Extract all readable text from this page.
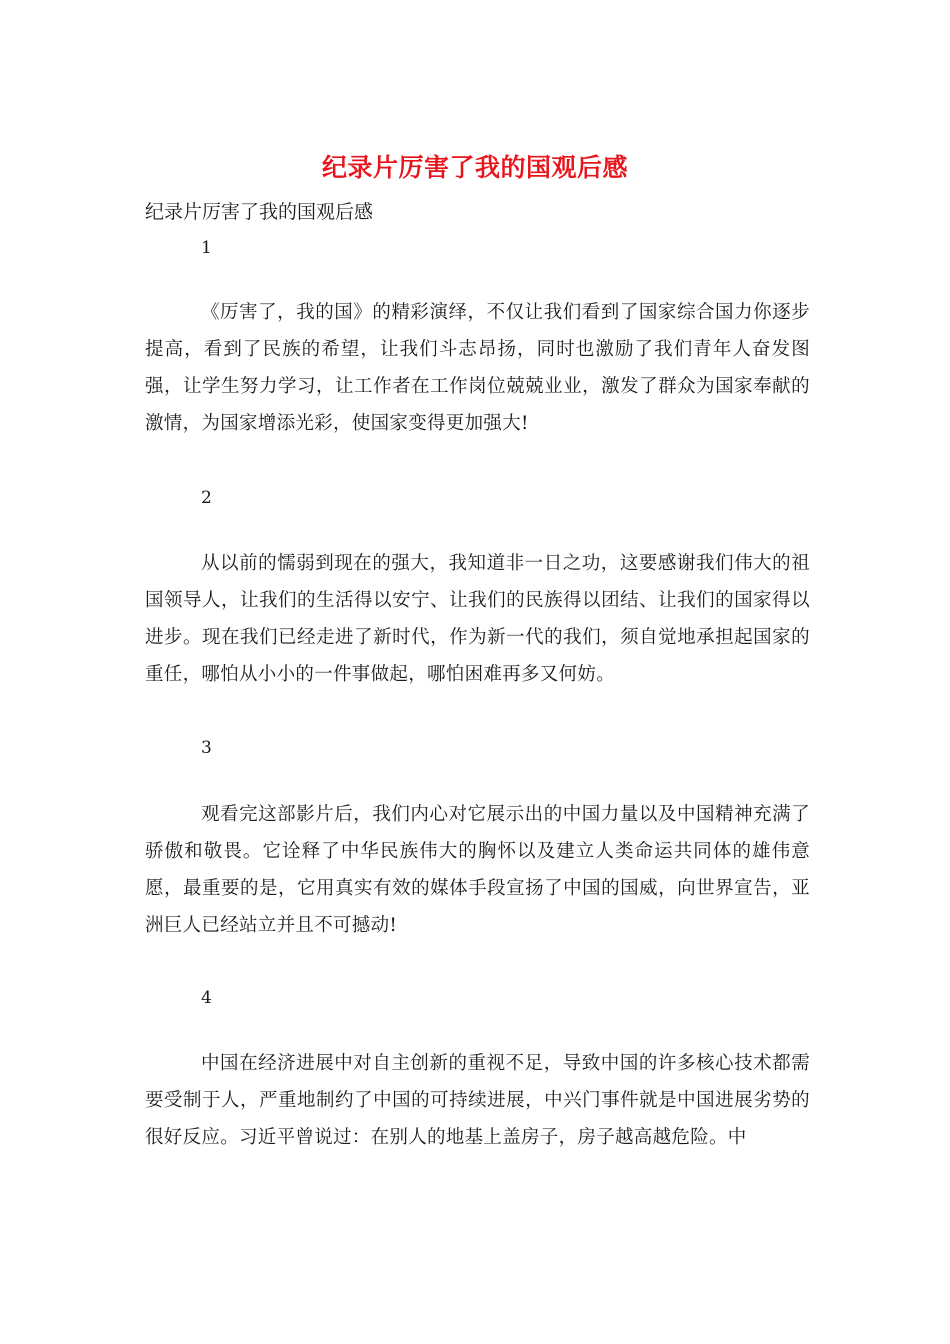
纪录片厉害了我的国观后感
纪录片厉害了我的国观后感
1

《厉害了，我的国》的精彩演绎，不仅让我们看到了国家综合国力你逐步提高，看到了民族的希望，让我们斗志昂扬，同时也激励了我们青年人奋发图强，让学生努力学习，让工作者在工作岗位兢兢业业，激发了群众为国家奉献的激情，为国家增添光彩，使国家变得更加强大!

2

从以前的懦弱到现在的强大，我知道非一日之功，这要感谢我们伟大的祖国领导人，让我们的生活得以安宁、让我们的民族得以团结、让我们的国家得以进步。现在我们已经走进了新时代，作为新一代的我们，须自觉地承担起国家的重任，哪怕从小小的一件事做起，哪怕困难再多又何妨。

3

观看完这部影片后，我们内心对它展示出的中国力量以及中国精神充满了骄傲和敬畏。它诠释了中华民族伟大的胸怀以及建立人类命运共同体的雄伟意愿，最重要的是，它用真实有效的媒体手段宣扬了中国的国威，向世界宣告，亚洲巨人已经站立并且不可撼动!

4

中国在经济进展中对自主创新的重视不足，导致中国的许多核心技术都需要受制于人，严重地制约了中国的可持续进展，中兴门事件就是中国进展劣势的很好反应。习近平曾说过：在别人的地基上盖房子，房子越高越危险。中
